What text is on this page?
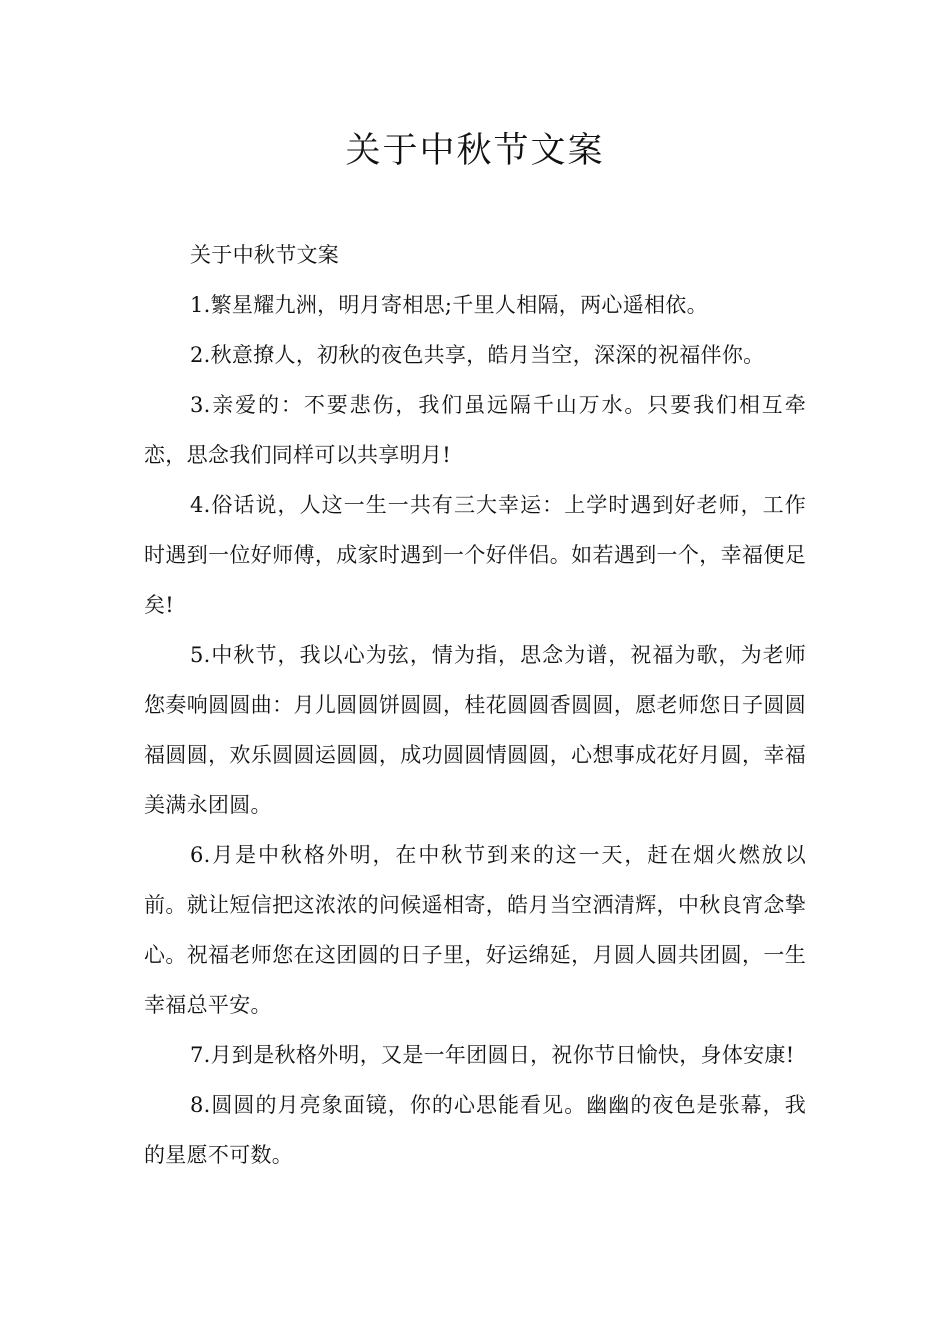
关于中秋节文案

关于中秋节文案

1.繁星耀九洲，明月寄相思;千里人相隔，两心遥相依。

2.秋意撩人，初秋的夜色共享，皓月当空，深深的祝福伴你。

3.亲爱的：不要悲伤，我们虽远隔千山万水。只要我们相互牵恋，思念我们同样可以共享明月!

4.俗话说，人这一生一共有三大幸运：上学时遇到好老师，工作时遇到一位好师傅，成家时遇到一个好伴侣。如若遇到一个，幸福便足矣!

5.中秋节，我以心为弦，情为指，思念为谱，祝福为歌，为老师您奏响圆圆曲：月儿圆圆饼圆圆，桂花圆圆香圆圆，愿老师您日子圆圆福圆圆，欢乐圆圆运圆圆，成功圆圆情圆圆，心想事成花好月圆，幸福美满永团圆。

6.月是中秋格外明，在中秋节到来的这一天，赶在烟火燃放以前。就让短信把这浓浓的问候遥相寄，皓月当空洒清辉，中秋良宵念挚心。祝福老师您在这团圆的日子里，好运绵延，月圆人圆共团圆，一生幸福总平安。

7.月到是秋格外明，又是一年团圆日，祝你节日愉快，身体安康!

8.圆圆的月亮象面镜，你的心思能看见。幽幽的夜色是张幕，我的星愿不可数。
